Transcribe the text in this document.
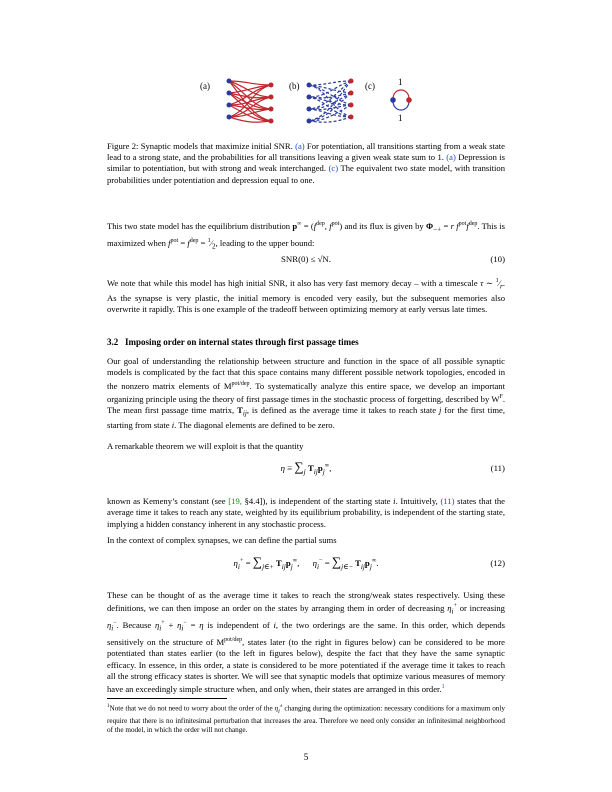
(a)	(b)	(c)	1
1

Figure 2: Synaptic models that maximize initial SNR. (a) For potentiation, all transitions starting from a weak state lead to a strong state, and the probabilities for all transitions leaving a given weak state sum to 1. (a) Depression is similar to potentiation, but with strong and weak interchanged. (c) The equivalent two state model, with transition probabilities under potentiation and depression equal to one.

This two state model has the equilibrium distribution $p^\infty = (f^{dep}$, $f^{pot}$) and its flux is given by $\Phi_{-+} = r$ $f^{pot}f^{dep}$. This is maximized when $f^{pot} = f^{dep}$ = $^1⁄_2$, leading to the upper bound:

SNR(0) ≤ √N.	(10)

We note that while this model has high initial SNR, it also has very fast memory decay – with a timescale τ ∼ $^1⁄_r$. As the synapse is very plastic, the initial memory is encoded very easily, but the subsequent memories also overwrite it rapidly. This is one example of the tradeoff between optimizing memory at early versus late times.

3.2 Imposing order on internal states through first passage times

Our goal of understanding the relationship between structure and function in the space of all possible synaptic models is complicated by the fact that this space contains many different possible network topologies, encoded in the nonzero matrix elements of $M^{pot/dep}$. To systematically analyze this entire space, we develop an important organizing principle using the theory of first passage times in the stochastic process of forgetting, described by $W^F$. The mean first passage time matrix, $T_{ij}$, is defined as the average time it takes to reach state j for the first time, starting from state i. The diagonal elements are defined to be zero.

A remarkable theorem we will exploit is that the quantity

$\eta \equiv \sum_j$ $T_{ij}p_j^\infty$,	(11)

known as Kemeny’s constant (see [19, §4.4]), is independent of the starting state i. Intuitively, (11) states that the average time it takes to reach any state, weighted by its equilibrium probability, is independent of the starting state, implying a hidden constancy inherent in any stochastic process.

In the context of complex synapses, we can define the partial sums

$\eta_i^+ = \sum_{j\in+}$ $T_{ij}p_j^\infty$,      $\eta_i^- = \sum_{j\in-}$ $T_{ij}p_j^\infty$.	(12)

These can be thought of as the average time it takes to reach the strong/weak states respectively. Using these definitions, we can then impose an order on the states by arranging them in order of decreasing $\eta_i^+$ or increasing $\eta_i^-$. Because $\eta_i^+ + \eta_i^- = \eta$ is independent of i, the two orderings are the same. In this order, which depends sensitively on the structure of $M^{pot/dep}$, states later (to the right in figures below) can be considered to be more potentiated than states earlier (to the left in figures below), despite the fact that they have the same synaptic efficacy. In essence, in this order, a state is considered to be more potentiated if the average time it takes to reach all the strong efficacy states is shorter. We will see that synaptic models that optimize various measures of memory have an exceedingly simple structure when, and only when, their states are arranged in this order.$^1$

$^1$Note that we do not need to worry about the order of the $\eta_i^\pm$ changing during the optimization: necessary conditions for a maximum only require that there is no infinitesimal perturbation that increases the area. Therefore we need only consider an infinitesimal neighborhood of the model, in which the order will not change.

5
